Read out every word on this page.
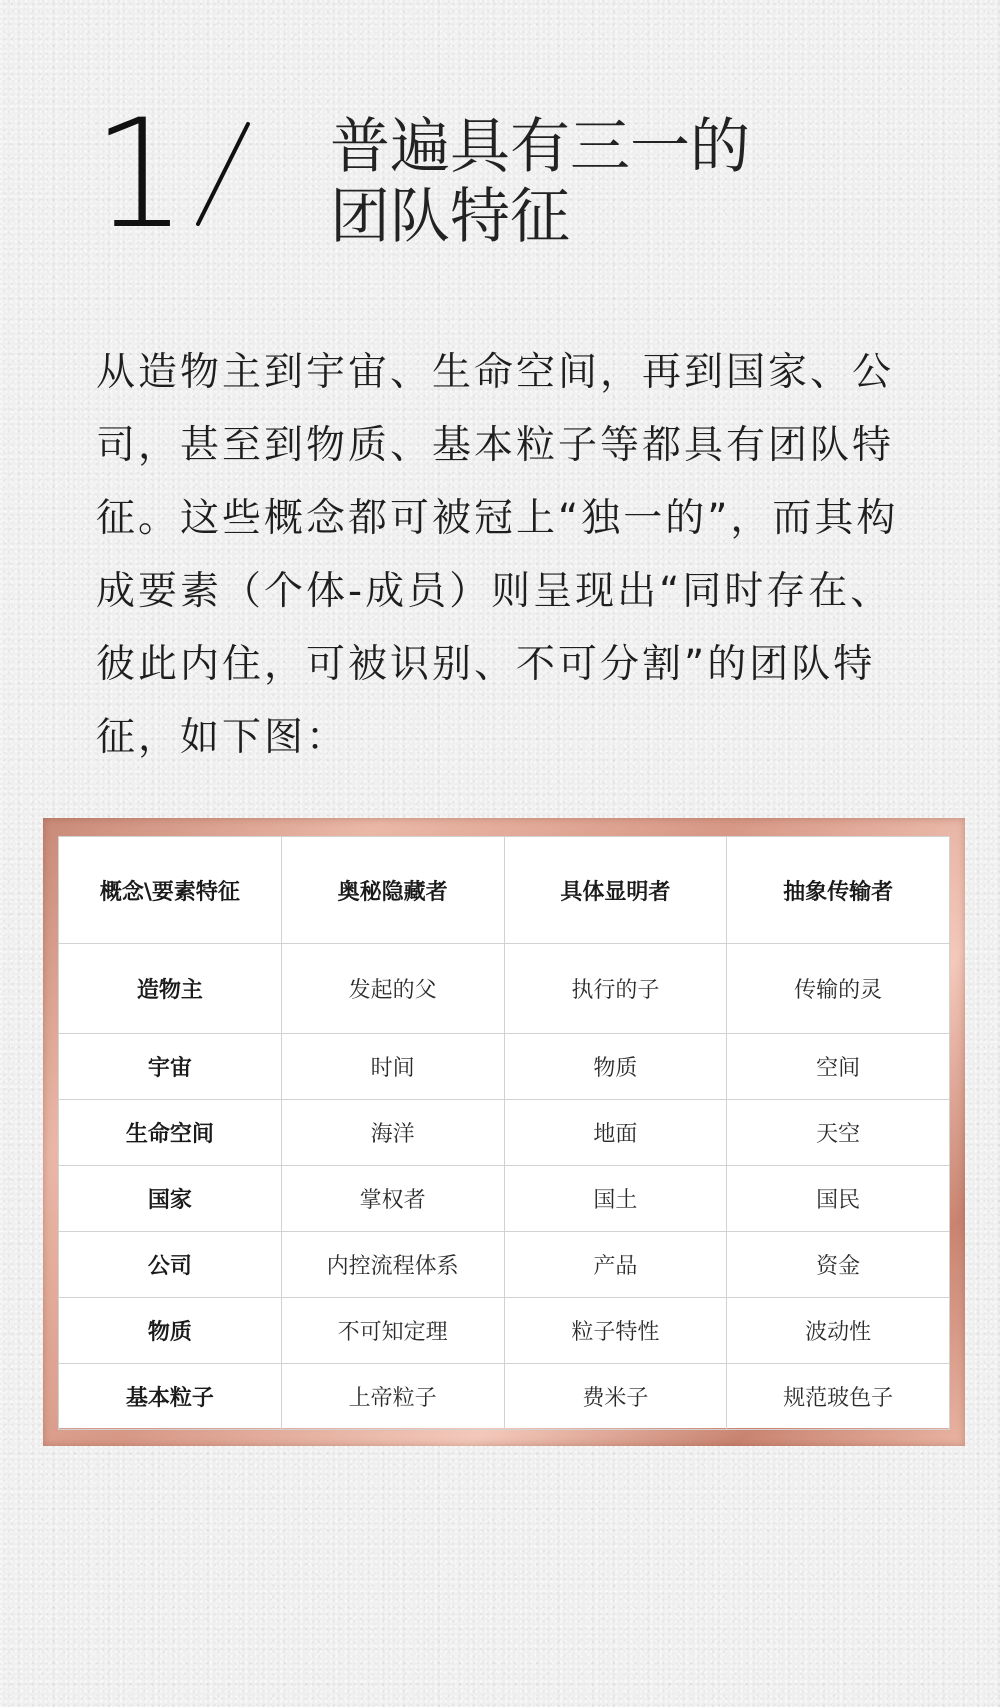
1 普遍具有三一的
团队特征

从造物主到宇宙、生命空间，再到国家、公司，甚至到物质、基本粒子等都具有团队特征。这些概念都可被冠上“独一的”，而其构成要素（个体-成员）则呈现出“同时存在、彼此内住，可被识别、不可分割”的团队特征，如下图：

概念\要素特征	奥秘隐藏者	具体显明者	抽象传输者
造物主	发起的父	执行的子	传输的灵
宇宙	时间	物质	空间
生命空间	海洋	地面	天空
国家	掌权者	国土	国民
公司	内控流程体系	产品	资金
物质	不可知定理	粒子特性	波动性
基本粒子	上帝粒子	费米子	规范玻色子
